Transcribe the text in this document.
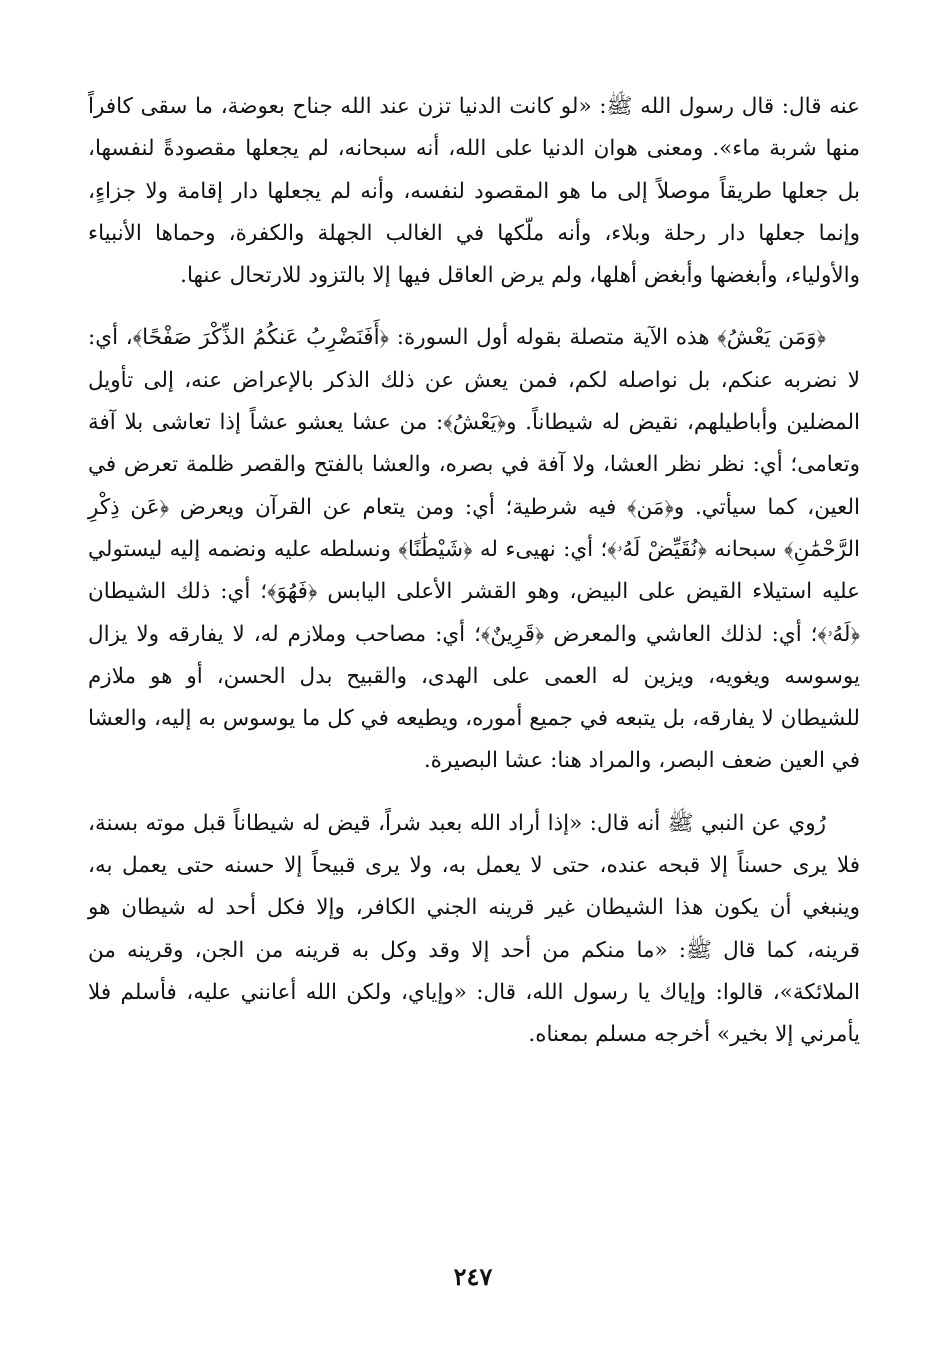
عنه قال: قال رسول الله ﷺ: «لو كانت الدنيا تزن عند الله جناح بعوضة، ما سقى كافراً منها شربة ماء». ومعنى هوان الدنيا على الله، أنه سبحانه، لم يجعلها مقصودةً لنفسها، بل جعلها طريقاً موصلاً إلى ما هو المقصود لنفسه، وأنه لم يجعلها دار إقامة ولا جزاءٍ، وإنما جعلها دار رحلة وبلاء، وأنه ملّكها في الغالب الجهلة والكفرة، وحماها الأنبياء والأولياء، وأبغضها وأبغض أهلها، ولم يرض العاقل فيها إلا بالتزود للارتحال عنها.

﴿وَمَن يَعْشُ﴾ هذه الآية متصلة بقوله أول السورة: ﴿أَفَنَضْرِبُ عَنكُمُ الذِّكْرَ صَفْحًا﴾، أي: لا نضربه عنكم، بل نواصله لكم، فمن يعش عن ذلك الذكر بالإعراض عنه، إلى تأويل المضلين وأباطيلهم، نقيض له شيطاناً. و﴿يَعْشُ﴾: من عشا يعشو عشاً إذا تعاشى بلا آفة وتعامى؛ أي: نظر نظر العشا، ولا آفة في بصره، والعشا بالفتح والقصر ظلمة تعرض في العين، كما سيأتي. و﴿مَن﴾ فيه شرطية؛ أي: ومن يتعام عن القرآن ويعرض ﴿عَن ذِكْرِ الرَّحْمَٰنِ﴾ سبحانه ﴿نُقَيِّضْ لَهُۥ﴾؛ أي: نهيىء له ﴿شَيْطَٰنًا﴾ ونسلطه عليه ونضمه إليه ليستولي عليه استيلاء القيض على البيض، وهو القشر الأعلى اليابس ﴿فَهُوَ﴾؛ أي: ذلك الشيطان ﴿لَهُۥ﴾؛ أي: لذلك العاشي والمعرض ﴿قَرِينٌ﴾؛ أي: مصاحب وملازم له، لا يفارقه ولا يزال يوسوسه ويغويه، ويزين له العمى على الهدى، والقبيح بدل الحسن، أو هو ملازم للشيطان لا يفارقه، بل يتبعه في جميع أموره، ويطيعه في كل ما يوسوس به إليه، والعشا في العين ضعف البصر، والمراد هنا: عشا البصيرة.

رُوي عن النبي ﷺ أنه قال: «إذا أراد الله بعبد شراً، قيض له شيطاناً قبل موته بسنة، فلا يرى حسناً إلا قبحه عنده، حتى لا يعمل به، ولا يرى قبيحاً إلا حسنه حتى يعمل به، وينبغي أن يكون هذا الشيطان غير قرينه الجني الكافر، وإلا فكل أحد له شيطان هو قرينه، كما قال ﷺ: «ما منكم من أحد إلا وقد وكل به قرينه من الجن، وقرينه من الملائكة»، قالوا: وإياك يا رسول الله، قال: «وإياي، ولكن الله أعانني عليه، فأسلم فلا يأمرني إلا بخير» أخرجه مسلم بمعناه.

٢٤٧
